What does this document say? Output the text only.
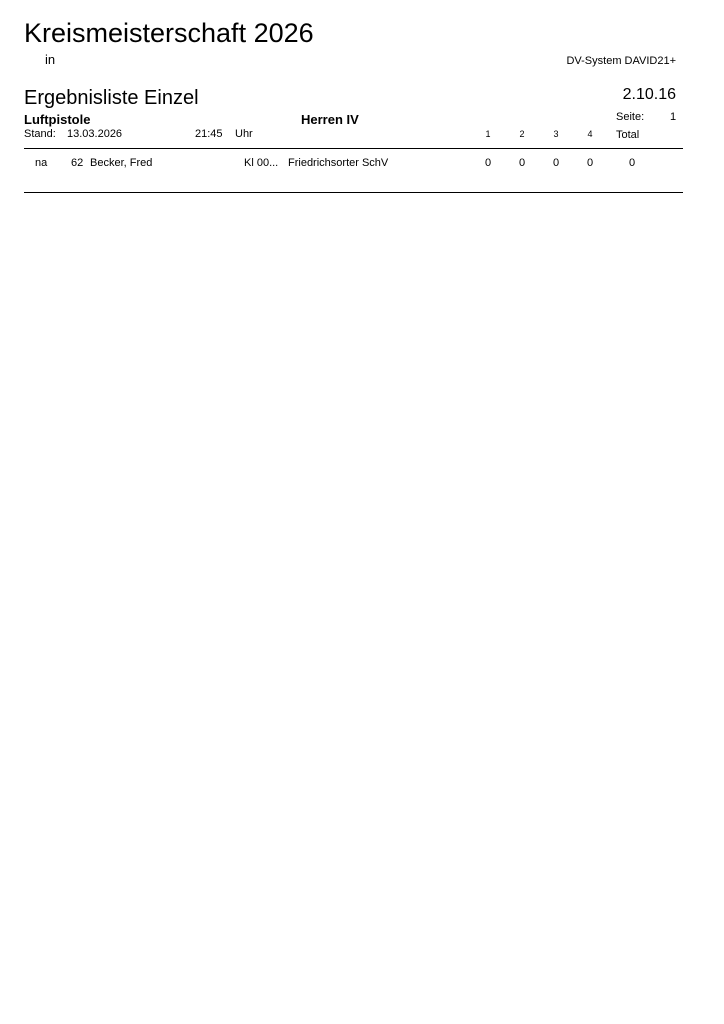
Kreismeisterschaft 2026
in	DV-System DAVID21+
Ergebnisliste Einzel	2.10.16
Luftpistole	Herren IV	Seite: 1
Stand: 13.03.2026	21:45 Uhr	1	2	3	4	Total
na 62 Becker, Fred	Kl 00... Friedrichsorter SchV	0	0	0	0	0
